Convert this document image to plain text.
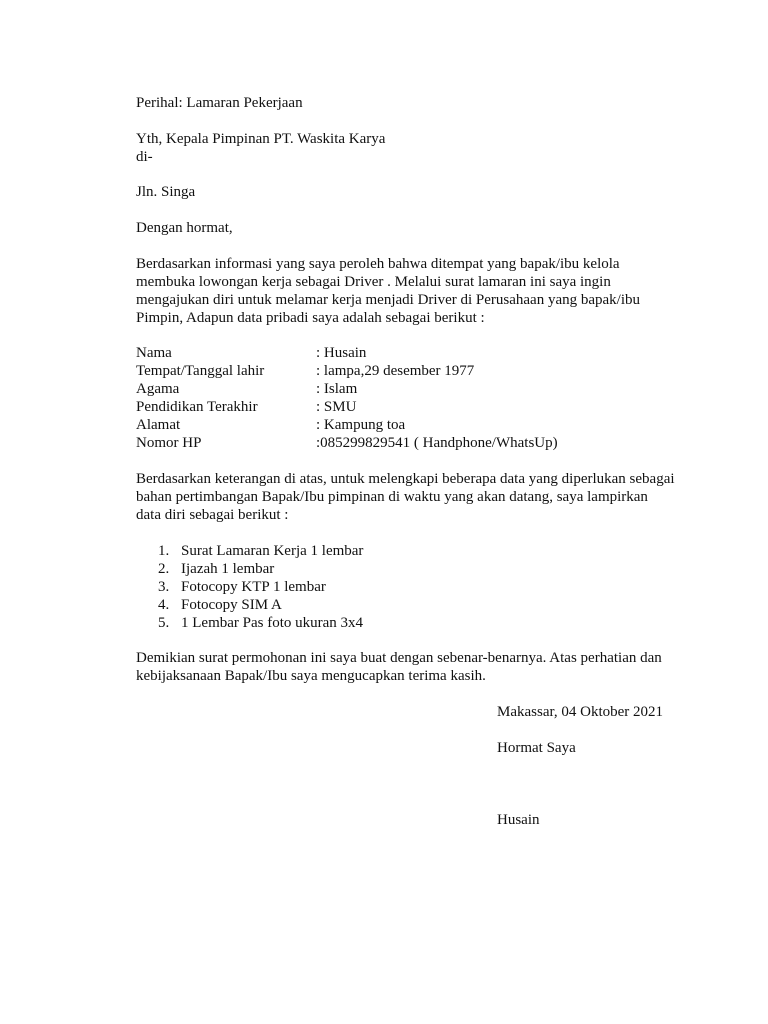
Perihal: Lamaran Pekerjaan
Yth, Kepala Pimpinan PT. Waskita Karya
di-
Jln. Singa
Dengan hormat,
Berdasarkan informasi yang saya peroleh bahwa ditempat yang bapak/ibu kelola
membuka lowongan kerja sebagai Driver . Melalui surat lamaran ini saya ingin
mengajukan diri untuk melamar kerja menjadi Driver di Perusahaan yang bapak/ibu
Pimpin, Adapun data pribadi saya adalah sebagai berikut :
Nama	: Husain
Tempat/Tanggal lahir	: lampa,29 desember 1977
Agama	: Islam
Pendidikan Terakhir	: SMU
Alamat	: Kampung toa
Nomor HP	:085299829541 ( Handphone/WhatsUp)
Berdasarkan keterangan di atas, untuk melengkapi beberapa data yang diperlukan sebagai
bahan pertimbangan Bapak/Ibu pimpinan di waktu yang akan datang, saya lampirkan
data diri sebagai berikut :
1. Surat Lamaran Kerja 1 lembar
2. Ijazah 1 lembar
3. Fotocopy KTP 1 lembar
4. Fotocopy SIM A
5. 1 Lembar Pas foto ukuran 3x4
Demikian surat permohonan ini saya buat dengan sebenar-benarnya. Atas perhatian dan
kebijaksanaan Bapak/Ibu saya mengucapkan terima kasih.
Makassar, 04 Oktober 2021
Hormat Saya
Husain
